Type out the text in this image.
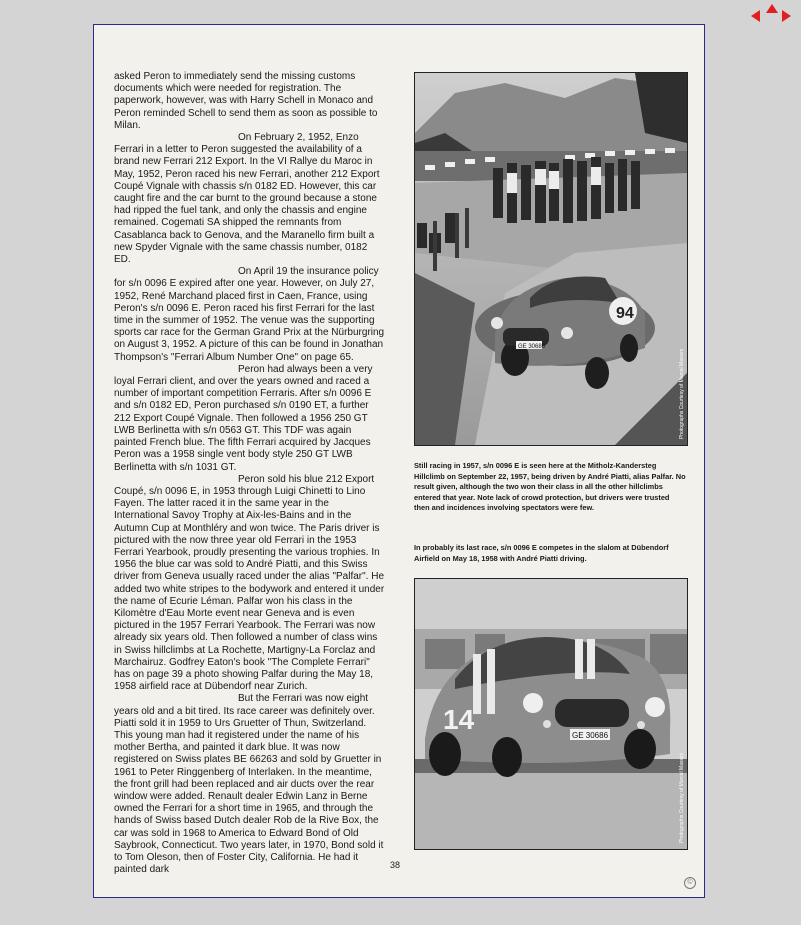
asked Peron to immediately send the missing customs documents which were needed for registration. The paperwork, however, was with Harry Schell in Monaco and Peron reminded Schell to send them as soon as possible to Milan.

On February 2, 1952, Enzo Ferrari in a letter to Peron suggested the availability of a brand new Ferrari 212 Export. In the VI Rallye du Maroc in May, 1952, Peron raced his new Ferrari, another 212 Export Coupé Vignale with chassis s/n 0182 ED. However, this car caught fire and the car burnt to the ground because a stone had ripped the fuel tank, and only the chassis and engine remained. Cogemati SA shipped the remnants from Casablanca back to Genova, and the Maranello firm built a new Spyder Vignale with the same chassis number, 0182 ED.

On April 19 the insurance policy for s/n 0096 E expired after one year. However, on July 27, 1952, René Marchand placed first in Caen, France, using Peron's s/n 0096 E. Peron raced his first Ferrari for the last time in the summer of 1952. The venue was the supporting sports car race for the German Grand Prix at the Nürburgring on August 3, 1952. A picture of this can be found in Jonathan Thompson's "Ferrari Album Number One" on page 65.

Peron had always been a very loyal Ferrari client, and over the years owned and raced a number of important competition Ferraris. After s/n 0096 E and s/n 0182 ED, Peron purchased s/n 0190 ET, a further 212 Export Coupé Vignale. Then followed a 1956 250 GT LWB Berlinetta with s/n 0563 GT. This TDF was again painted French blue. The fifth Ferrari acquired by Jacques Peron was a 1958 single vent body style 250 GT LWB Berlinetta with s/n 1031 GT.

Peron sold his blue 212 Export Coupé, s/n 0096 E, in 1953 through Luigi Chinetti to Lino Fayen. The latter raced it in the same year in the International Savoy Trophy at Aix-les-Bains and in the Autumn Cup at Monthléry and won twice. The Paris driver is pictured with the now three year old Ferrari in the 1953 Ferrari Yearbook, proudly presenting the various trophies. In 1956 the blue car was sold to André Piatti, and this Swiss driver from Geneva usually raced under the alias "Palfar". He added two white stripes to the bodywork and entered it under the name of Ecurie Léman. Palfar won his class in the Kilomètre d'Eau Morte event near Geneva and is even pictured in the 1957 Ferrari Yearbook. The Ferrari was now already six years old. Then followed a number of class wins in Swiss hillclimbs at La Rochette, Martigny-La Forclaz and Marchairuz. Godfrey Eaton's book "The Complete Ferrari" has on page 39 a photo showing Palfar during the May 18, 1958 airfield race at Dübendorf near Zurich.

But the Ferrari was now eight years old and a bit tired. Its race career was definitely over. Piatti sold it in 1959 to Urs Gruetter of Thun, Switzerland. This young man had it registered under the name of his mother Bertha, and painted it dark blue. It was now registered on Swiss plates BE 66263 and sold by Gruetter in 1961 to Peter Ringgenberg of Interlaken. In the meantime, the front grill had been replaced and air ducts over the rear window were added. Renault dealer Edwin Lanz in Berne owned the Ferrari for a short time in 1965, and through the hands of Swiss based Dutch dealer Rob de la Rive Box, the car was sold in 1968 to America to Edward Bond of Old Saybrook, Connecticut. Two years later, in 1970, Bond sold it to Tom Oleson, then of Foster City, California. He had it painted dark

94
GE 30686
Photographs Courtesy of Marcel Massini

Still racing in 1957, s/n 0096 E is seen here at the Mitholz-Kandersteg Hillclimb on September 22, 1957, being driven by André Piatti, alias Palfar. No result given, although the two won their class in all the other hillclimbs entered that year. Note lack of crowd protection, but drivers were trusted then and incidences involving spectators were few.

In probably its last race, s/n 0096 E competes in the slalom at Dübendorf Airfield on May 18, 1958 with André Piatti driving.

14
GE 30686
Photographs Courtesy of Marcel Massini
38
©
